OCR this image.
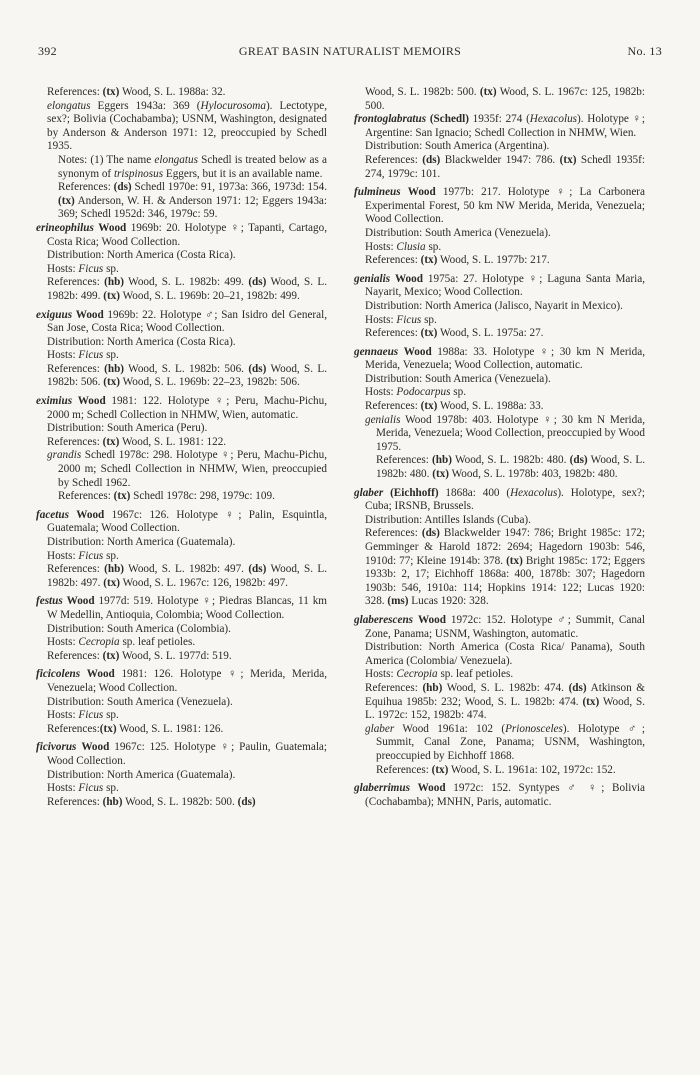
392	GREAT BASIN NATURALIST MEMOIRS	No. 13
References: (tx) Wood, S. L. 1988a: 32.
elongatus Eggers 1943a: 369 (Hylocurosoma). Lectotype, sex?; Bolivia (Cochabamba); USNM, Washington, designated by Anderson & Anderson 1971: 12, preoccupied by Schedl 1935.
Notes: (1) The name elongatus Schedl is treated below as a synonym of trispinosus Eggers, but it is an available name.
References: (ds) Schedl 1970e: 91, 1973a: 366, 1973d: 154. (tx) Anderson, W. H. & Anderson 1971: 12; Eggers 1943a: 369; Schedl 1952d: 346, 1979c: 59.
erineophilus Wood 1969b: 20. Holotype ♀; Tapanti, Cartago, Costa Rica; Wood Collection.
Distribution: North America (Costa Rica).
Hosts: Ficus sp.
References: (hb) Wood, S. L. 1982b: 499. (ds) Wood, S. L. 1982b: 499. (tx) Wood, S. L. 1969b: 20–21, 1982b: 499.
exiguus Wood 1969b: 22. Holotype ♂; San Isidro del General, San Jose, Costa Rica; Wood Collection.
Distribution: North America (Costa Rica).
Hosts: Ficus sp.
References: (hb) Wood, S. L. 1982b: 506. (ds) Wood, S. L. 1982b: 506. (tx) Wood, S. L. 1969b: 22–23, 1982b: 506.
eximius Wood 1981: 122. Holotype ♀; Peru, Machu-Pichu, 2000 m; Schedl Collection in NHMW, Wien, automatic.
Distribution: South America (Peru).
References: (tx) Wood, S. L. 1981: 122.
grandis Schedl 1978c: 298. Holotype ♀; Peru, Machu-Pichu, 2000 m; Schedl Collection in NHMW, Wien, preoccupied by Schedl 1962.
References: (tx) Schedl 1978c: 298, 1979c: 109.
facetus Wood 1967c: 126. Holotype ♀; Palin, Esquintla, Guatemala; Wood Collection.
Distribution: North America (Guatemala).
Hosts: Ficus sp.
References: (hb) Wood, S. L. 1982b: 497. (ds) Wood, S. L. 1982b: 497. (tx) Wood, S. L. 1967c: 126, 1982b: 497.
festus Wood 1977d: 519. Holotype ♀; Piedras Blancas, 11 km W Medellin, Antioquia, Colombia; Wood Collection.
Distribution: South America (Colombia).
Hosts: Cecropia sp. leaf petioles.
References: (tx) Wood, S. L. 1977d: 519.
ficicolens Wood 1981: 126. Holotype ♀; Merida, Merida, Venezuela; Wood Collection.
Distribution: South America (Venezuela).
Hosts: Ficus sp.
References:(tx) Wood, S. L. 1981: 126.
ficivorus Wood 1967c: 125. Holotype ♀; Paulin, Guatemala; Wood Collection.
Distribution: North America (Guatemala).
Hosts: Ficus sp.
References: (hb) Wood, S. L. 1982b: 500. (ds)
Wood, S. L. 1982b: 500. (tx) Wood, S. L. 1967c: 125, 1982b: 500.
frontoglabratus (Schedl) 1935f: 274 (Hexacolus). Holotype ♀; Argentine: San Ignacio; Schedl Collection in NHMW, Wien.
Distribution: South America (Argentina).
References: (ds) Blackwelder 1947: 786. (tx) Schedl 1935f: 274, 1979c: 101.
fulmineus Wood 1977b: 217. Holotype ♀; La Carbonera Experimental Forest, 50 km NW Merida, Merida, Venezuela; Wood Collection.
Distribution: South America (Venezuela).
Hosts: Clusia sp.
References: (tx) Wood, S. L. 1977b: 217.
genialis Wood 1975a: 27. Holotype ♀; Laguna Santa Maria, Nayarit, Mexico; Wood Collection.
Distribution: North America (Jalisco, Nayarit in Mexico).
Hosts: Ficus sp.
References: (tx) Wood, S. L. 1975a: 27.
gennaeus Wood 1988a: 33. Holotype ♀; 30 km N Merida, Merida, Venezuela; Wood Collection, automatic.
Distribution: South America (Venezuela).
Hosts: Podocarpus sp.
References: (tx) Wood, S. L. 1988a: 33.
genialis Wood 1978b: 403. Holotype ♀; 30 km N Merida, Merida, Venezuela; Wood Collection, preoccupied by Wood 1975.
References: (hb) Wood, S. L. 1982b: 480. (ds) Wood, S. L. 1982b: 480. (tx) Wood, S. L. 1978b: 403, 1982b: 480.
glaber (Eichhoff) 1868a: 400 (Hexacolus). Holotype, sex?; Cuba; IRSNB, Brussels.
Distribution: Antilles Islands (Cuba).
References: (ds) Blackwelder 1947: 786; Bright 1985c: 172; Gemminger & Harold 1872: 2694; Hagedorn 1903b: 546, 1910d: 77; Kleine 1914b: 378. (tx) Bright 1985c: 172; Eggers 1933b: 2, 17; Eichhoff 1868a: 400, 1878b: 307; Hagedorn 1903b: 546, 1910a: 114; Hopkins 1914: 122; Lucas 1920: 328. (ms) Lucas 1920: 328.
glaberescens Wood 1972c: 152. Holotype ♂; Summit, Canal Zone, Panama; USNM, Washington, automatic.
Distribution: North America (Costa Rica/ Panama), South America (Colombia/ Venezuela).
Hosts: Cecropia sp. leaf petioles.
References: (hb) Wood, S. L. 1982b: 474. (ds) Atkinson & Equihua 1985b: 232; Wood, S. L. 1982b: 474. (tx) Wood, S. L. 1972c: 152, 1982b: 474.
glaber Wood 1961a: 102 (Prionosceles). Holotype ♂; Summit, Canal Zone, Panama; USNM, Washington, preoccupied by Eichhoff 1868.
References: (tx) Wood, S. L. 1961a: 102, 1972c: 152.
glaberrimus Wood 1972c: 152. Syntypes ♂ ♀; Bolivia (Cochabamba); MNHN, Paris, automatic.
